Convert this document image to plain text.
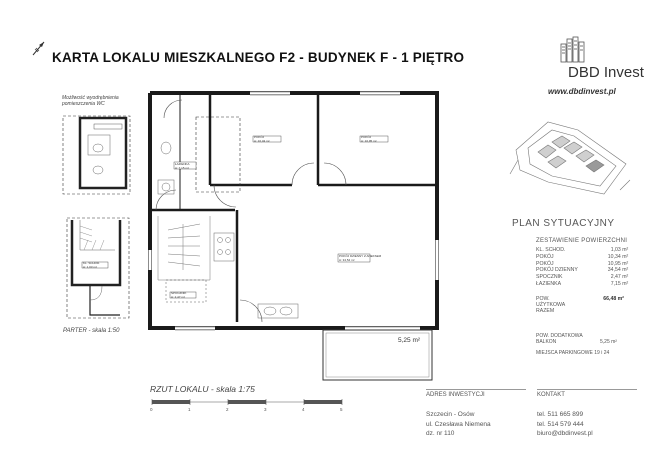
KARTA LOKALU MIESZKALNEGO F2 - BUDYNEK F - 1 PIĘTRO
DBD Invest
www.dbdinvest.pl
PLAN SYTUACYJNY
ZESTAWIENIE POWIERZCHNI
KL. SCHOD.	1,03 m²
POKÓJ	10,34 m²
POKÓJ	10,95 m²
POKÓJ DZIENNY	34,54 m²
SPOCZNIK	2,47 m²
ŁAZIENKA	7,15 m²
POW. UŻYTKOWA RAZEM
66,48 m²
POW. DODATKOWA
BALKON	5,25 m²
MIEJSCA PARKINGOWE 19 i 24
ADRES INWESTYCJI
Szczecin - Osów
ul. Czesława Niemena
dz. nr 110
KONTAKT
tel. 511 665 899
tel. 514 579 444
biuro@dbdinvest.pl
Możliwość wyodrębnienia pomieszczenia WC
POKÓJ
A: 10,34 m²
POKÓJ
A: 10,95 m²
POKÓJ DZIENNY Z ANEKSEM
A: 34,54 m²
ŁAZIENKA
A: 7,15 m²
SPOCZNIK
A: 2,47 m²
KL. SCHOD.
A: 1,03 m²
PARTER - skala 1:50
5,25 m²
RZUT LOKALU - skala 1:75
0	1	2	3	4	5
